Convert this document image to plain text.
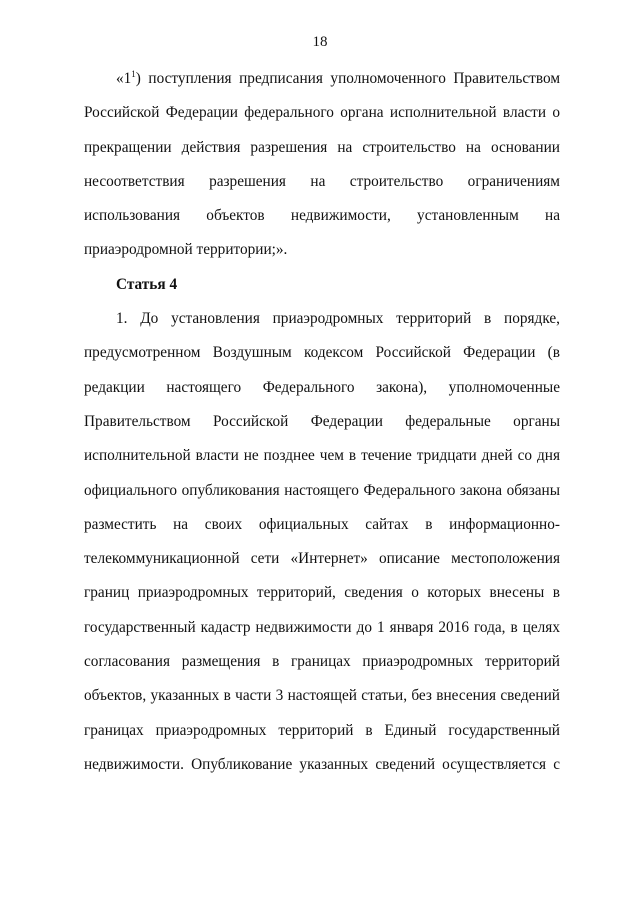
18
«$1^1$) поступления предписания уполномоченного Правительством
Российской Федерации федерального органа исполнительной власти о
прекращении действия разрешения на строительство на основании
несоответствия разрешения на строительство ограничениям
использования объектов недвижимости, установленным на
приаэродромной территории;».
Статья 4
1. До установления приаэродромных территорий в порядке,
предусмотренном Воздушным кодексом Российской Федерации (в
редакции настоящего Федерального закона), уполномоченные
Правительством Российской Федерации федеральные органы
исполнительной власти не позднее чем в течение тридцати дней со дня
официального опубликования настоящего Федерального закона обязаны
разместить на своих официальных сайтах в информационно-
телекоммуникационной сети «Интернет» описание местоположения
границ приаэродромных территорий, сведения о которых внесены в
государственный кадастр недвижимости до 1 января 2016 года, в целях
согласования размещения в границах приаэродромных территорий
объектов, указанных в части 3 настоящей статьи, без внесения сведений
границах приаэродромных территорий в Единый государственный
недвижимости. Опубликование указанных сведений осуществляется с
